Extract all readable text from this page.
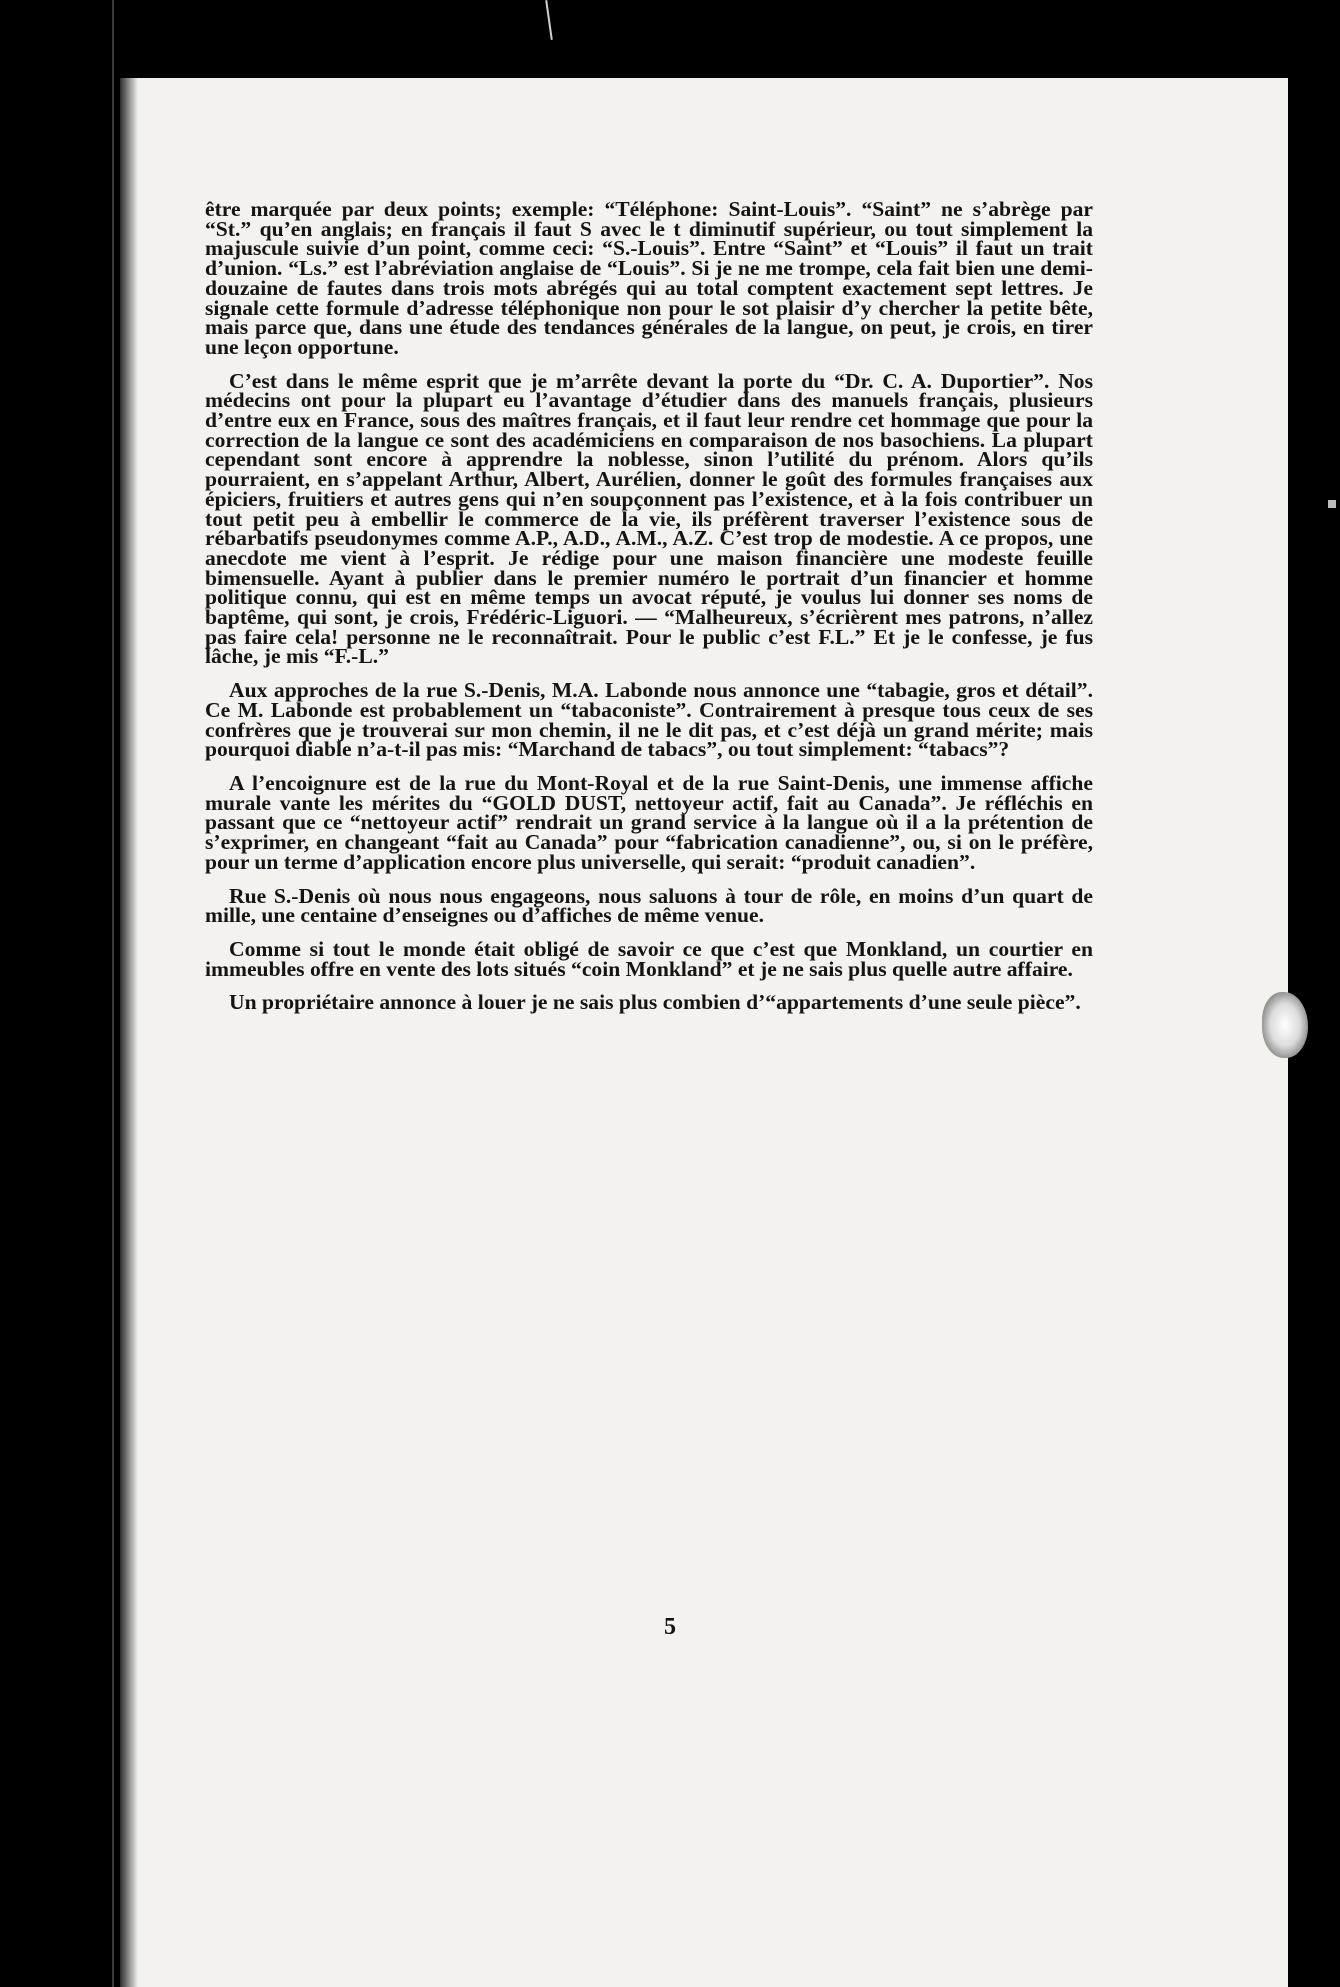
être marquée par deux points; exemple: “Téléphone: Saint-Louis”. “Saint” ne s’abrège par “St.” qu’en anglais; en français il faut S avec le t diminutif supérieur, ou tout simplement la majuscule suivie d’un point, comme ceci: “S.-Louis”. Entre “Saint” et “Louis” il faut un trait d’union. “Ls.” est l’abréviation anglaise de “Louis”. Si je ne me trompe, cela fait bien une demi-douzaine de fautes dans trois mots abrégés qui au total comptent exactement sept lettres. Je signale cette formule d’adresse téléphonique non pour le sot plaisir d’y chercher la petite bête, mais parce que, dans une étude des tendances générales de la langue, on peut, je crois, en tirer une leçon opportune.

C’est dans le même esprit que je m’arrête devant la porte du “Dr. C. A. Duportier”. Nos médecins ont pour la plupart eu l’avantage d’étudier dans des manuels français, plusieurs d’entre eux en France, sous des maîtres français, et il faut leur rendre cet hommage que pour la correction de la langue ce sont des académiciens en comparaison de nos basochiens. La plupart cependant sont encore à apprendre la noblesse, sinon l’utilité du prénom. Alors qu’ils pourraient, en s’appelant Arthur, Albert, Aurélien, donner le goût des formules françaises aux épiciers, fruitiers et autres gens qui n’en soupçonnent pas l’existence, et à la fois contribuer un tout petit peu à embellir le commerce de la vie, ils préfèrent traverser l’existence sous de rébarbatifs pseudonymes comme A.P., A.D., A.M., A.Z. C’est trop de modestie. A ce propos, une anecdote me vient à l’esprit. Je rédige pour une maison financière une modeste feuille bimensuelle. Ayant à publier dans le premier numéro le portrait d’un financier et homme politique connu, qui est en même temps un avocat réputé, je voulus lui donner ses noms de baptême, qui sont, je crois, Frédéric-Liguori. — “Malheureux, s’écrièrent mes patrons, n’allez pas faire cela! personne ne le reconnaîtrait. Pour le public c’est F.L.” Et je le confesse, je fus lâche, je mis “F.-L.”

Aux approches de la rue S.-Denis, M.A. Labonde nous annonce une “tabagie, gros et détail”. Ce M. Labonde est probablement un “tabaconiste”. Contrairement à presque tous ceux de ses confrères que je trouverai sur mon chemin, il ne le dit pas, et c’est déjà un grand mérite; mais pourquoi diable n’a-t-il pas mis: “Marchand de tabacs”, ou tout simplement: “tabacs”?

A l’encoignure est de la rue du Mont-Royal et de la rue Saint-Denis, une immense affiche murale vante les mérites du “GOLD DUST, nettoyeur actif, fait au Canada”. Je réfléchis en passant que ce “nettoyeur actif” rendrait un grand service à la langue où il a la prétention de s’exprimer, en changeant “fait au Canada” pour “fabrication canadienne”, ou, si on le préfère, pour un terme d’application encore plus universelle, qui serait: “produit canadien”.

Rue S.-Denis où nous nous engageons, nous saluons à tour de rôle, en moins d’un quart de mille, une centaine d’enseignes ou d’affiches de même venue.

Comme si tout le monde était obligé de savoir ce que c’est que Monkland, un courtier en immeubles offre en vente des lots situés “coin Monkland” et je ne sais plus quelle autre affaire.

Un propriétaire annonce à louer je ne sais plus combien d’“appartements d’une seule pièce”.

5
